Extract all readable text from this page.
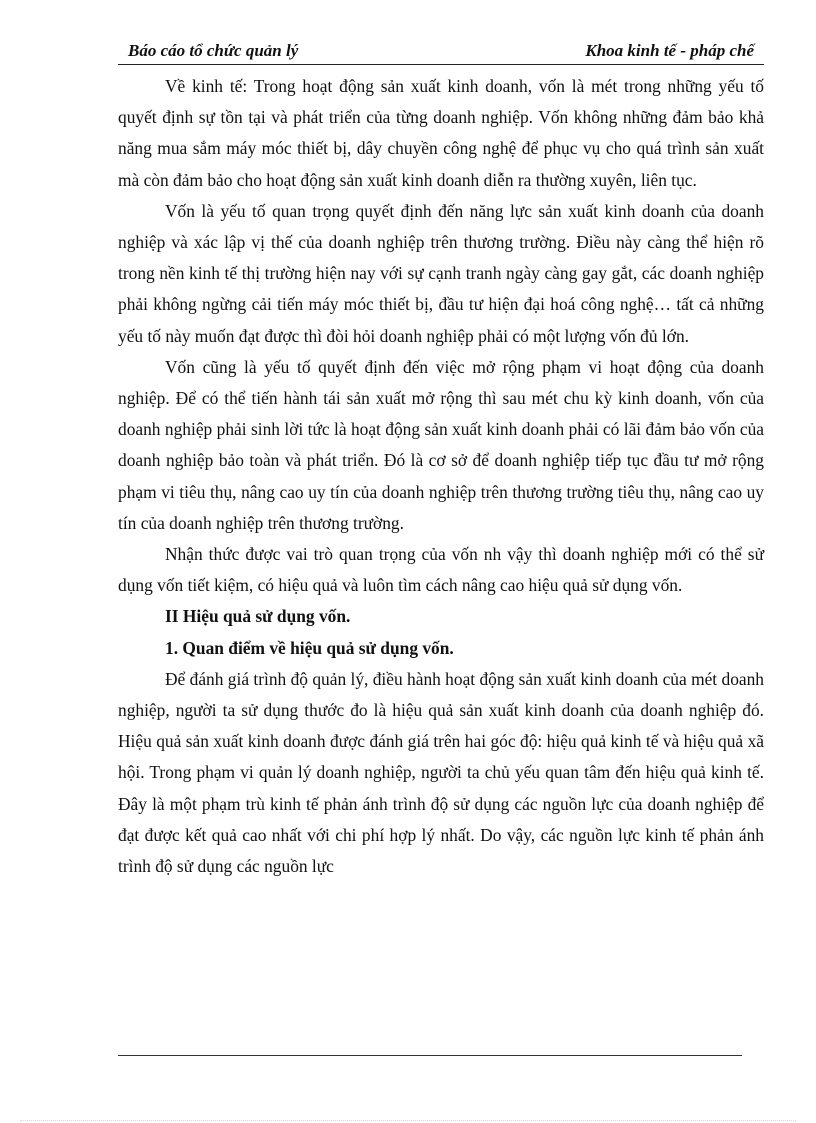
Báo cáo tổ chức quản lý	Khoa kinh tế - pháp chế

Về kinh tế: Trong hoạt động sản xuất kinh doanh, vốn là mét trong những yếu tố quyết định sự tồn tại và phát triển của từng doanh nghiệp. Vốn không những đảm bảo khả năng mua sắm máy móc thiết bị, dây chuyền công nghệ để phục vụ cho quá trình sản xuất mà còn đảm bảo cho hoạt động sản xuất kinh doanh diễn ra thường xuyên, liên tục.

Vốn là yếu tố quan trọng quyết định đến năng lực sản xuất kinh doanh của doanh nghiệp và xác lập vị thế của doanh nghiệp trên thương trường. Điều này càng thể hiện rõ trong nền kinh tế thị trường hiện nay với sự cạnh tranh ngày càng gay gắt, các doanh nghiệp phải không ngừng cải tiến máy móc thiết bị, đầu tư hiện đại hoá công nghệ… tất cả những yếu tố này muốn đạt được thì đòi hỏi doanh nghiệp phải có một lượng vốn đủ lớn.

Vốn cũng là yếu tố quyết định đến việc mở rộng phạm vi hoạt động của doanh nghiệp. Để có thể tiến hành tái sản xuất mở rộng thì sau mét chu kỳ kinh doanh, vốn của doanh nghiệp phải sinh lời tức là hoạt động sản xuất kinh doanh phải có lãi đảm bảo vốn của doanh nghiệp bảo toàn và phát triển. Đó là cơ sở để doanh nghiệp tiếp tục đầu tư mở rộng phạm vi tiêu thụ, nâng cao uy tín của doanh nghiệp trên thương trường tiêu thụ, nâng cao uy tín của doanh nghiệp trên thương trường.

Nhận thức được vai trò quan trọng của vốn nh vậy thì doanh nghiệp mới có thể sử dụng vốn tiết kiệm, có hiệu quả và luôn tìm cách nâng cao hiệu quả sử dụng vốn.

II Hiệu quả sử dụng vốn.
1. Quan điểm về hiệu quả sử dụng vốn.

Để đánh giá trình độ quản lý, điều hành hoạt động sản xuất kinh doanh của mét doanh nghiệp, người ta sử dụng thước đo là hiệu quả sản xuất kinh doanh của doanh nghiệp đó. Hiệu quả sản xuất kinh doanh được đánh giá trên hai góc độ: hiệu quả kinh tế và hiệu quả xã hội. Trong phạm vi quản lý doanh nghiệp, người ta chủ yếu quan tâm đến hiệu quả kinh tế. Đây là một phạm trù kinh tế phản ánh trình độ sử dụng các nguồn lực của doanh nghiệp để đạt được kết quả cao nhất với chi phí hợp lý nhất. Do vậy, các nguồn lực kinh tế phản ánh trình độ sử dụng các nguồn lực
